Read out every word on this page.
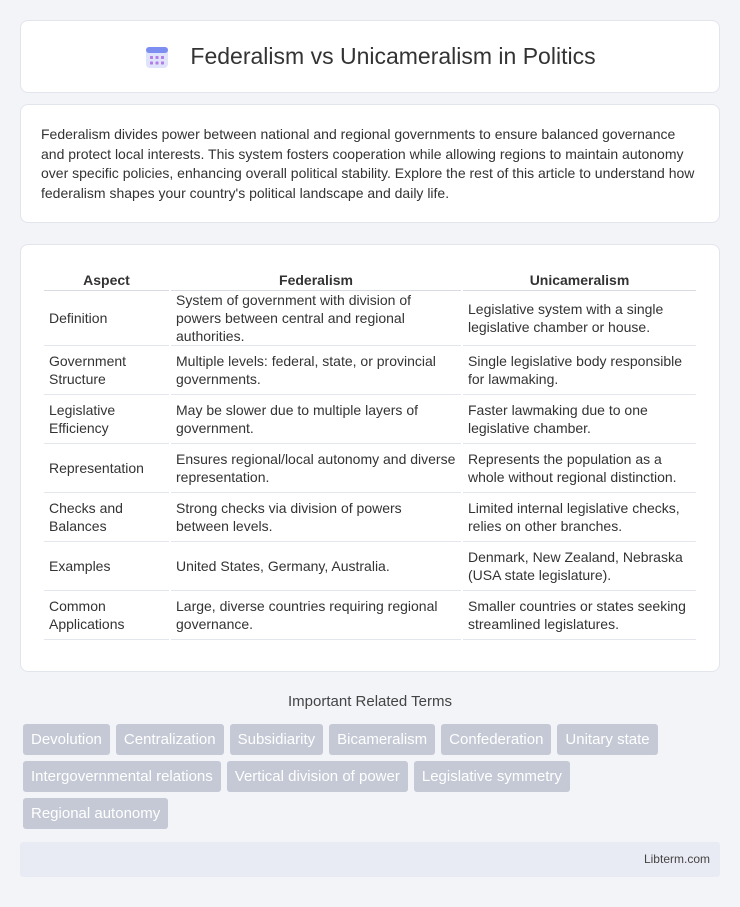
Federalism vs Unicameralism in Politics

Federalism divides power between national and regional governments to ensure balanced governance and protect local interests. This system fosters cooperation while allowing regions to maintain autonomy over specific policies, enhancing overall political stability. Explore the rest of this article to understand how federalism shapes your country's political landscape and daily life.

Aspect	Federalism	Unicameralism
Definition	System of government with division of powers between central and regional authorities.	Legislative system with a single legislative chamber or house.
Government Structure	Multiple levels: federal, state, or provincial governments.	Single legislative body responsible for lawmaking.
Legislative Efficiency	May be slower due to multiple layers of government.	Faster lawmaking due to one legislative chamber.
Representation	Ensures regional/local autonomy and diverse representation.	Represents the population as a whole without regional distinction.
Checks and Balances	Strong checks via division of powers between levels.	Limited internal legislative checks, relies on other branches.
Examples	United States, Germany, Australia.	Denmark, New Zealand, Nebraska (USA state legislature).
Common Applications	Large, diverse countries requiring regional governance.	Smaller countries or states seeking streamlined legislatures.
Important Related Terms
Devolution	Centralization	Subsidiarity	Bicameralism	Confederation	Unitary state
Intergovernmental relations	Vertical division of power	Legislative symmetry
Regional autonomy
Libterm.com
